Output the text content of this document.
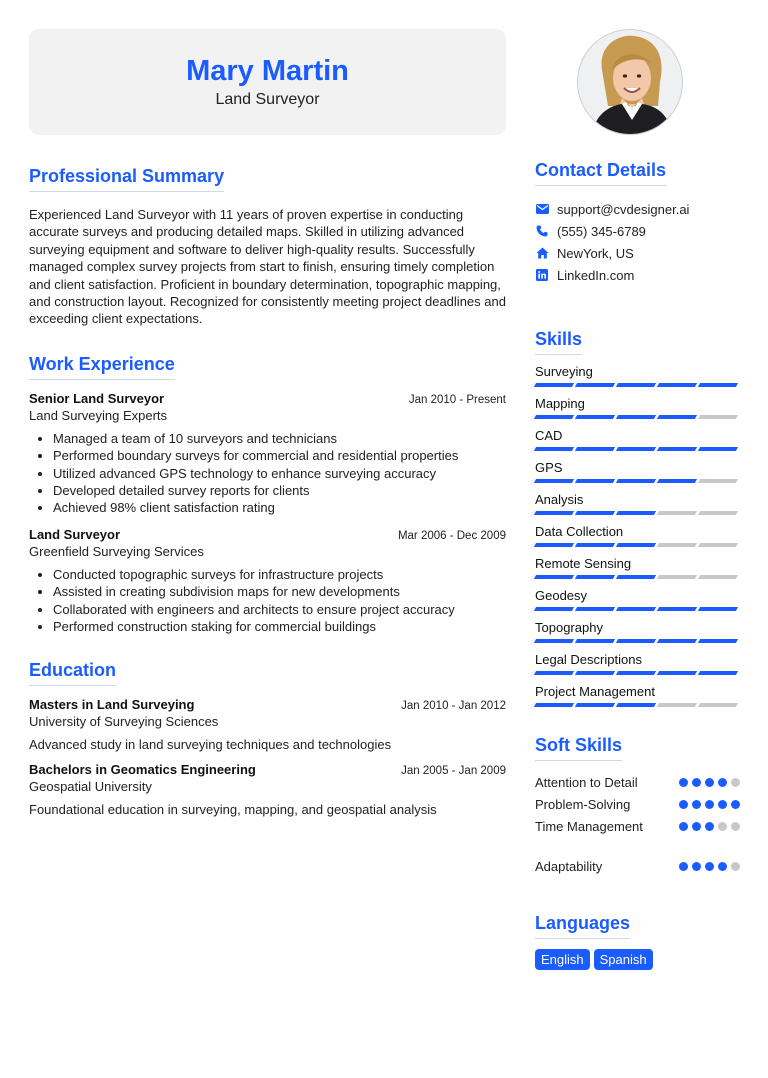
Mary Martin
Land Surveyor
Professional Summary

Experienced Land Surveyor with 11 years of proven expertise in conducting accurate surveys and producing detailed maps. Skilled in utilizing advanced surveying equipment and software to deliver high-quality results. Successfully managed complex survey projects from start to finish, ensuring timely completion and client satisfaction. Proficient in boundary determination, topographic mapping, and construction layout. Recognized for consistently meeting project deadlines and exceeding client expectations.

Work Experience
Senior Land Surveyor	Jan 2010 - Present
Land Surveying Experts
• Managed a team of 10 surveyors and technicians
• Performed boundary surveys for commercial and residential properties
• Utilized advanced GPS technology to enhance surveying accuracy
• Developed detailed survey reports for clients
• Achieved 98% client satisfaction rating
Land Surveyor	Mar 2006 - Dec 2009
Greenfield Surveying Services
• Conducted topographic surveys for infrastructure projects
• Assisted in creating subdivision maps for new developments
• Collaborated with engineers and architects to ensure project accuracy
• Performed construction staking for commercial buildings
Education
Masters in Land Surveying	Jan 2010 - Jan 2012
University of Surveying Sciences
Advanced study in land surveying techniques and technologies
Bachelors in Geomatics Engineering	Jan 2005 - Jan 2009
Geospatial University
Foundational education in surveying, mapping, and geospatial analysis
Contact Details
support@cvdesigner.ai
(555) 345-6789
NewYork, US
LinkedIn.com
Skills
Surveying
Mapping
CAD
GPS
Analysis
Data Collection
Remote Sensing
Geodesy
Topography
Legal Descriptions
Project Management
Soft Skills
Attention to Detail
Problem-Solving
Time Management
Adaptability
Languages
English	Spanish
